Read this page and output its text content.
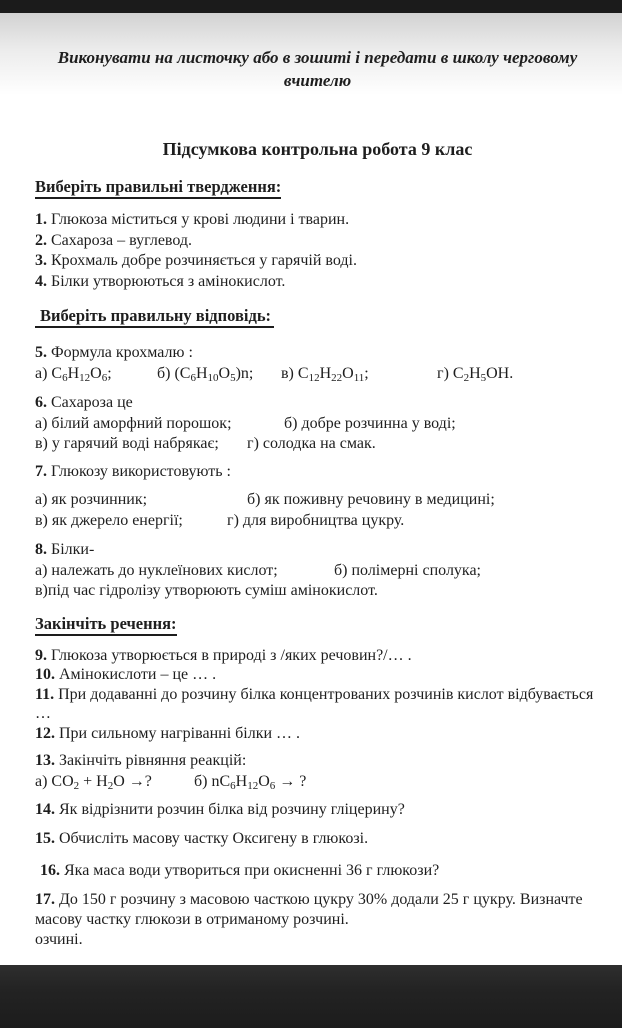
Виконувати на листочку або в зошиті і передати в школу черговому вчителю
Підсумкова контрольна робота 9 клас
Виберіть правильні твердження:
1. Глюкоза міститься у крові людини і тварин.
2. Сахароза – вуглевод.
3. Крохмаль добре розчиняється у гарячій воді.
4. Білки утворюються з амінокислот.
Виберіть правильну відповідь:
5. Формула крохмалю :
а) $C_6H_{12}O_6$;	б) $(C_6H_{10}O_5)n$; в) $C_{12}H_{22}O_{11}$;	г) $C_2H_5OH$.
6. Сахароза це
а) білий аморфний порошок;	б) добре розчинна у воді;
в) у гарячий воді набрякає; г) солодка на смак.
7. Глюкозу використовують :
а) як розчинник;	б) як поживну речовину в медицині;
в) як джерело енергії;	г) для виробництва цукру.
8. Білки-
а) належать до нуклеїнових кислот;	б) полімерні сполука;
в)під час гідролізу утворюють суміш амінокислот.
Закінчіть речення:
9. Глюкоза утворюється в природі з /яких речовин?/… .
10. Амінокислоти – це … .
11. При додаванні до розчину білка концентрованих розчинів кислот відбувається …
12. При сильному нагріванні білки … .
13. Закінчіть рівняння реакцій:
а) $CO_2 + H_2O$ →?	б) $nC_6H_{12}O_6$ → ?
14. Як відрізнити розчин білка від розчину гліцерину?
15. Обчисліть масову частку Оксигену в глюкозі.
16. Яка маса води утвориться при окисненні 36 г глюкози?
17. До 150 г розчину з масовою часткою цукру 30% додали 25 г цукру. Визначте
масову частку глюкози в отриманому розчині.
озчині.
